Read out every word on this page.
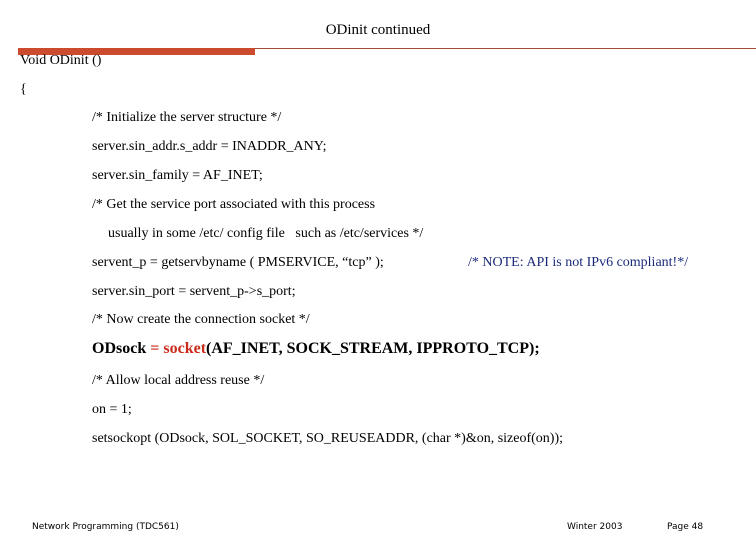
ODinit continued
Void ODinit ()
{
/* Initialize the server structure */
server.sin_addr.s_addr = INADDR_ANY;
server.sin_family = AF_INET;
/* Get the service port associated with this process
usually in some /etc/ config file   such as /etc/services */
servent_p = getservbyname ( PMSERVICE, “tcp” );	/* NOTE: API is not IPv6 compliant!*/
server.sin_port = servent_p->s_port;
/* Now create the connection socket */
ODsock = socket(AF_INET, SOCK_STREAM, IPPROTO_TCP);
/* Allow local address reuse */
on = 1;
setsockopt (ODsock, SOL_SOCKET, SO_REUSEADDR, (char *)&on, sizeof(on));
Network Programming (TDC561)	Winter 2003	Page 48
